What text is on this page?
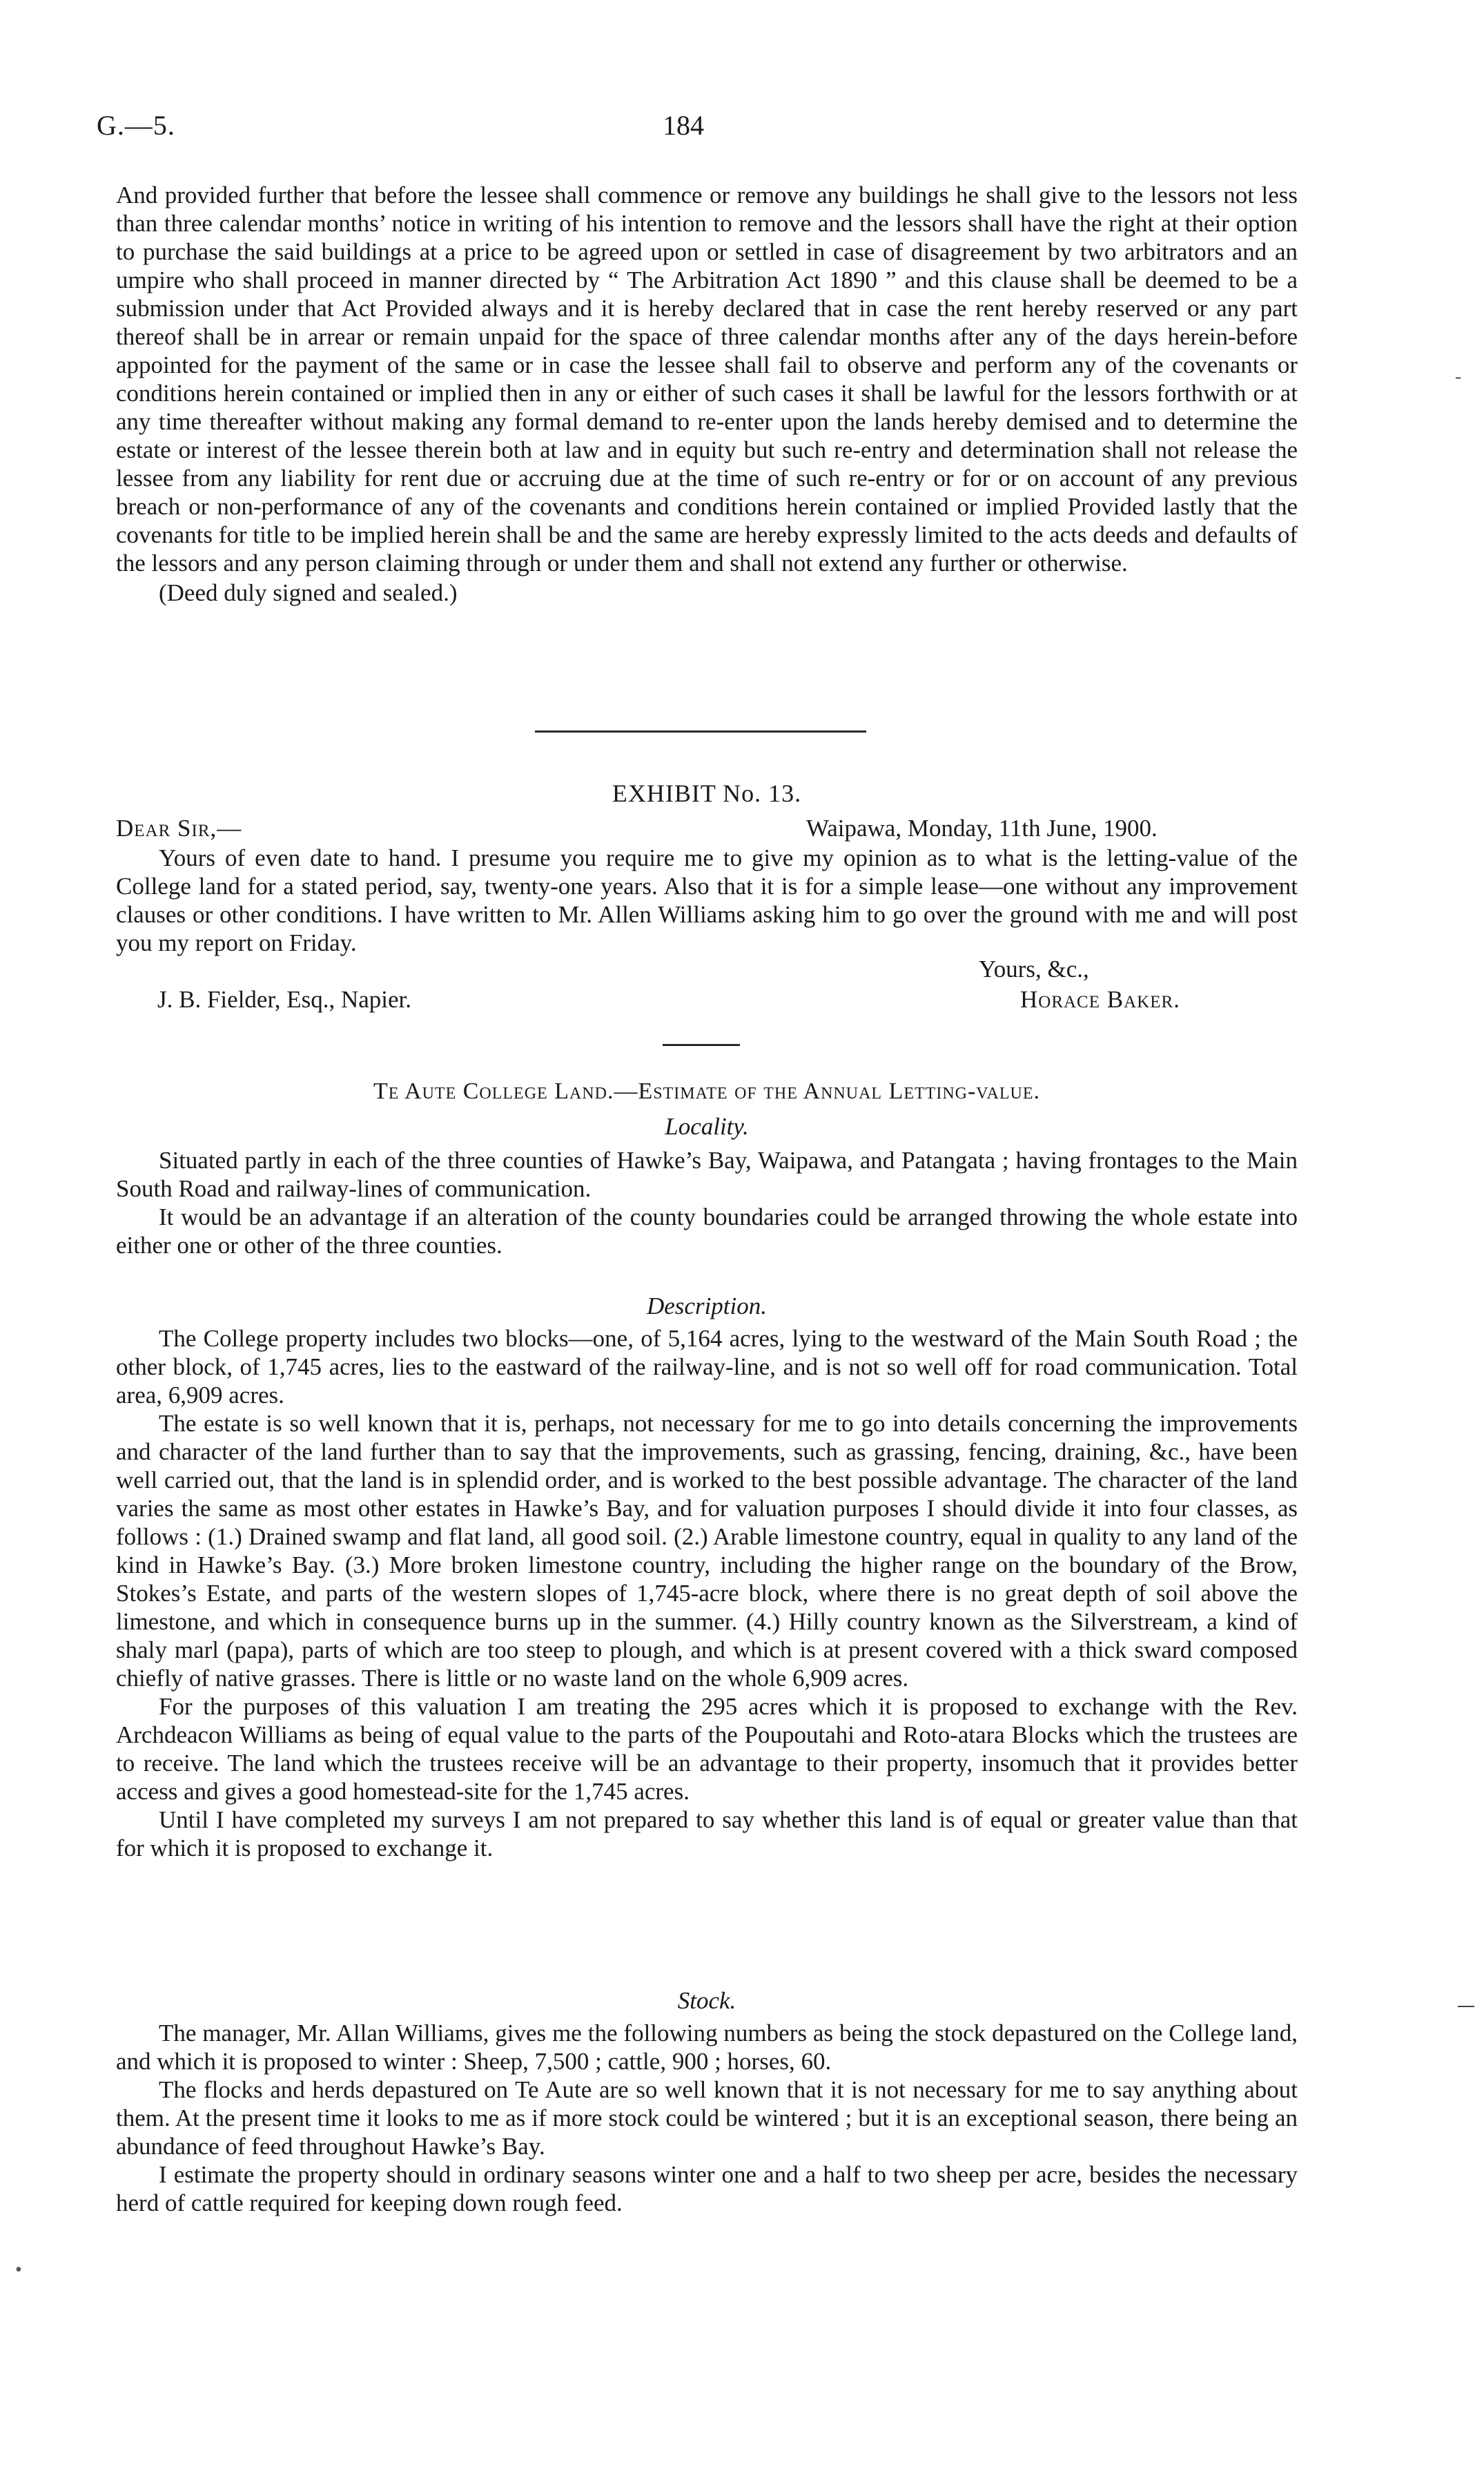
G.—5.	184

And provided further that before the lessee shall commence or remove any buildings he shall give to the lessors not less than three calendar months’ notice in writing of his intention to remove and the lessors shall have the right at their option to purchase the said buildings at a price to be agreed upon or settled in case of disagreement by two arbitrators and an umpire who shall proceed in manner directed by “ The Arbitration Act 1890 ” and this clause shall be deemed to be a submission under that Act Provided always and it is hereby declared that in case the rent hereby reserved or any part thereof shall be in arrear or remain unpaid for the space of three calendar months after any of the days herein-before appointed for the payment of the same or in case the lessee shall fail to observe and perform any of the covenants or conditions herein contained or implied then in any or either of such cases it shall be lawful for the lessors forthwith or at any time thereafter without making any formal demand to re-enter upon the lands hereby demised and to determine the estate or interest of the lessee therein both at law and in equity but such re-entry and determination shall not release the lessee from any liability for rent due or accruing due at the time of such re-entry or for or on account of any previous breach or non-performance of any of the covenants and conditions herein contained or implied Provided lastly that the covenants for title to be implied herein shall be and the same are hereby expressly limited to the acts deeds and defaults of the lessors and any person claiming through or under them and shall not extend any further or otherwise.

(Deed duly signed and sealed.)

EXHIBIT No. 13.
Dear Sir,—	Waipawa, Monday, 11th June, 1900.

Yours of even date to hand. I presume you require me to give my opinion as to what is the letting-value of the College land for a stated period, say, twenty-one years. Also that it is for a simple lease—one without any improvement clauses or other conditions. I have written to Mr. Allen Williams asking him to go over the ground with me and will post you my report on Friday.

Yours, &c.,
J. B. Fielder, Esq., Napier.	Horace Baker.
Te Aute College Land.—Estimate of the Annual Letting-value.
Locality.

Situated partly in each of the three counties of Hawke’s Bay, Waipawa, and Patangata ; having frontages to the Main South Road and railway-lines of communication.

It would be an advantage if an alteration of the county boundaries could be arranged throwing the whole estate into either one or other of the three counties.

Description.

The College property includes two blocks—one, of 5,164 acres, lying to the westward of the Main South Road ; the other block, of 1,745 acres, lies to the eastward of the railway-line, and is not so well off for road communication. Total area, 6,909 acres.

The estate is so well known that it is, perhaps, not necessary for me to go into details concerning the improvements and character of the land further than to say that the improvements, such as grassing, fencing, draining, &c., have been well carried out, that the land is in splendid order, and is worked to the best possible advantage. The character of the land varies the same as most other estates in Hawke’s Bay, and for valuation purposes I should divide it into four classes, as follows : (1.) Drained swamp and flat land, all good soil. (2.) Arable limestone country, equal in quality to any land of the kind in Hawke’s Bay. (3.) More broken limestone country, including the higher range on the boundary of the Brow, Stokes’s Estate, and parts of the western slopes of 1,745-acre block, where there is no great depth of soil above the limestone, and which in consequence burns up in the summer. (4.) Hilly country known as the Silverstream, a kind of shaly marl (papa), parts of which are too steep to plough, and which is at present covered with a thick sward composed chiefly of native grasses. There is little or no waste land on the whole 6,909 acres.

For the purposes of this valuation I am treating the 295 acres which it is proposed to exchange with the Rev. Archdeacon Williams as being of equal value to the parts of the Poupoutahi and Roto-atara Blocks which the trustees are to receive. The land which the trustees receive will be an advantage to their property, insomuch that it provides better access and gives a good homestead-site for the 1,745 acres.

Until I have completed my surveys I am not prepared to say whether this land is of equal or greater value than that for which it is proposed to exchange it.

Stock.

The manager, Mr. Allan Williams, gives me the following numbers as being the stock depastured on the College land, and which it is proposed to winter : Sheep, 7,500 ; cattle, 900 ; horses, 60.

The flocks and herds depastured on Te Aute are so well known that it is not necessary for me to say anything about them. At the present time it looks to me as if more stock could be wintered ; but it is an exceptional season, there being an abundance of feed throughout Hawke’s Bay.

I estimate the property should in ordinary seasons winter one and a half to two sheep per acre, besides the necessary herd of cattle required for keeping down rough feed.

-
•
